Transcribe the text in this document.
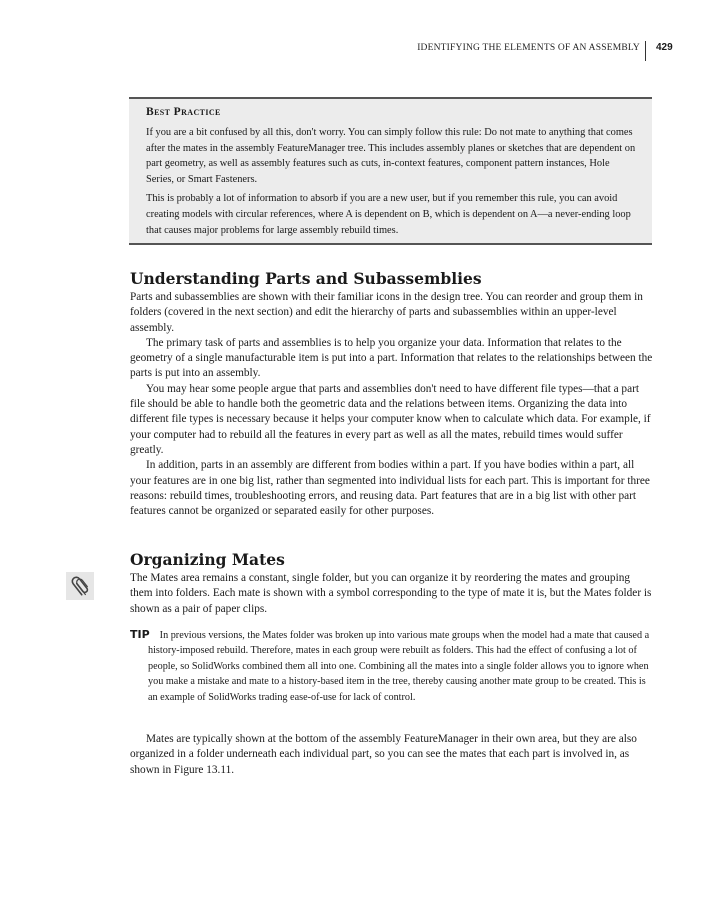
IDENTIFYING THE ELEMENTS OF AN ASSEMBLY 429
Best Practice

If you are a bit confused by all this, don't worry. You can simply follow this rule: Do not mate to anything that comes after the mates in the assembly FeatureManager tree. This includes assembly planes or sketches that are dependent on part geometry, as well as assembly features such as cuts, in-context features, component pattern instances, Hole Series, or Smart Fasteners.

This is probably a lot of information to absorb if you are a new user, but if you remember this rule, you can avoid creating models with circular references, where A is dependent on B, which is dependent on A—a never-ending loop that causes major problems for large assembly rebuild times.

Understanding Parts and Subassemblies

Parts and subassemblies are shown with their familiar icons in the design tree. You can reorder and group them in folders (covered in the next section) and edit the hierarchy of parts and subassemblies within an upper-level assembly.

The primary task of parts and assemblies is to help you organize your data. Information that relates to the geometry of a single manufacturable item is put into a part. Information that relates to the relationships between the parts is put into an assembly.

You may hear some people argue that parts and assemblies don't need to have different file types—that a part file should be able to handle both the geometric data and the relations between items. Organizing the data into different file types is necessary because it helps your computer know when to calculate which data. For example, if your computer had to rebuild all the features in every part as well as all the mates, rebuild times would suffer greatly.

In addition, parts in an assembly are different from bodies within a part. If you have bodies within a part, all your features are in one big list, rather than segmented into individual lists for each part. This is important for three reasons: rebuild times, troubleshooting errors, and reusing data. Part features that are in a big list with other part features cannot be organized or separated easily for other purposes.

Organizing Mates

The Mates area remains a constant, single folder, but you can organize it by reordering the mates and grouping them into folders. Each mate is shown with a symbol corresponding to the type of mate it is, but the Mates folder is shown as a pair of paper clips.

TIP In previous versions, the Mates folder was broken up into various mate groups when the model had a mate that caused a history-imposed rebuild. Therefore, mates in each group were rebuilt as folders. This had the effect of confusing a lot of people, so SolidWorks combined them all into one. Combining all the mates into a single folder allows you to ignore when you make a mistake and mate to a history-based item in the tree, thereby causing another mate group to be created. This is an example of SolidWorks trading ease-of-use for lack of control.

Mates are typically shown at the bottom of the assembly FeatureManager in their own area, but they are also organized in a folder underneath each individual part, so you can see the mates that each part is involved in, as shown in Figure 13.11.
